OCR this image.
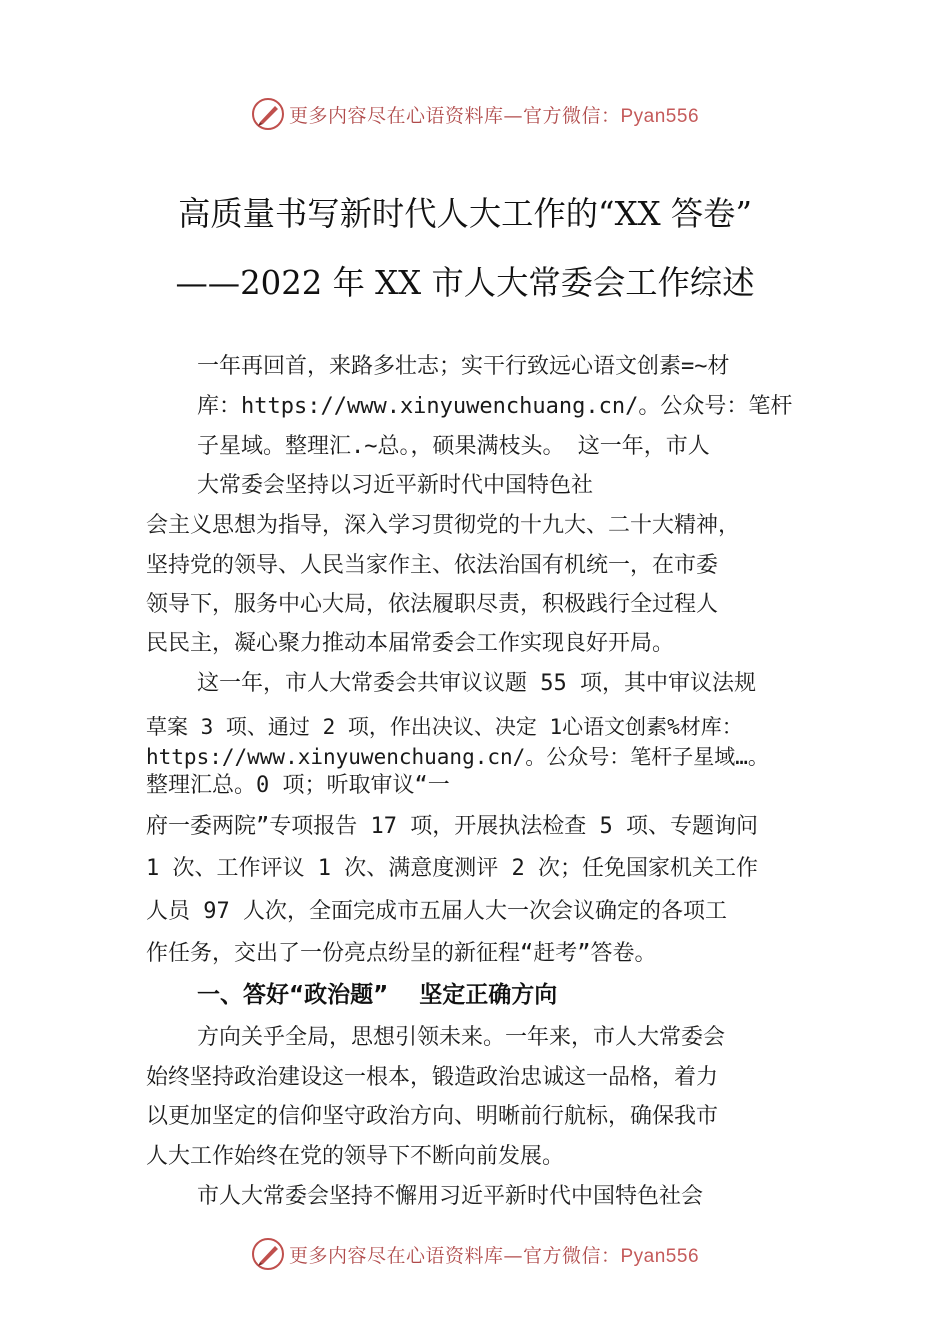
更多内容尽在心语资料库—官方微信：Pyan556
高质量书写新时代人大工作的“XX 答卷”
——2022 年 XX 市人大常委会工作综述
一年再回首，来路多壮志；实干行致远心语文创素=~材
库：https://www.xinyuwenchuang.cn/。公众号：笔杆
子星域。整理汇.~总。，硕果满枝头。 这一年，市人
大常委会坚持以习近平新时代中国特色社
会主义思想为指导，深入学习贯彻党的十九大、二十大精神，
坚持党的领导、人民当家作主、依法治国有机统一，在市委
领导下，服务中心大局，依法履职尽责，积极践行全过程人
民民主，凝心聚力推动本届常委会工作实现良好开局。
这一年，市人大常委会共审议议题 55 项，其中审议法规
草案 3 项、通过 2 项，作出决议、决定 1心语文创素%材库：
https://www.xinyuwenchuang.cn/。公众号：笔杆子星域…。
整理汇总。0 项；听取审议“一
府一委两院”专项报告 17 项，开展执法检查 5 项、专题询问
1 次、工作评议 1 次、满意度测评 2 次；任免国家机关工作
人员 97 人次，全面完成市五届人大一次会议确定的各项工
作任务，交出了一份亮点纷呈的新征程“赶考”答卷。
一、答好“政治题”　 坚定正确方向
方向关乎全局，思想引领未来。一年来，市人大常委会
始终坚持政治建设这一根本，锻造政治忠诚这一品格，着力
以更加坚定的信仰坚守政治方向、明晰前行航标，确保我市
人大工作始终在党的领导下不断向前发展。
市人大常委会坚持不懈用习近平新时代中国特色社会
更多内容尽在心语资料库—官方微信：Pyan556
